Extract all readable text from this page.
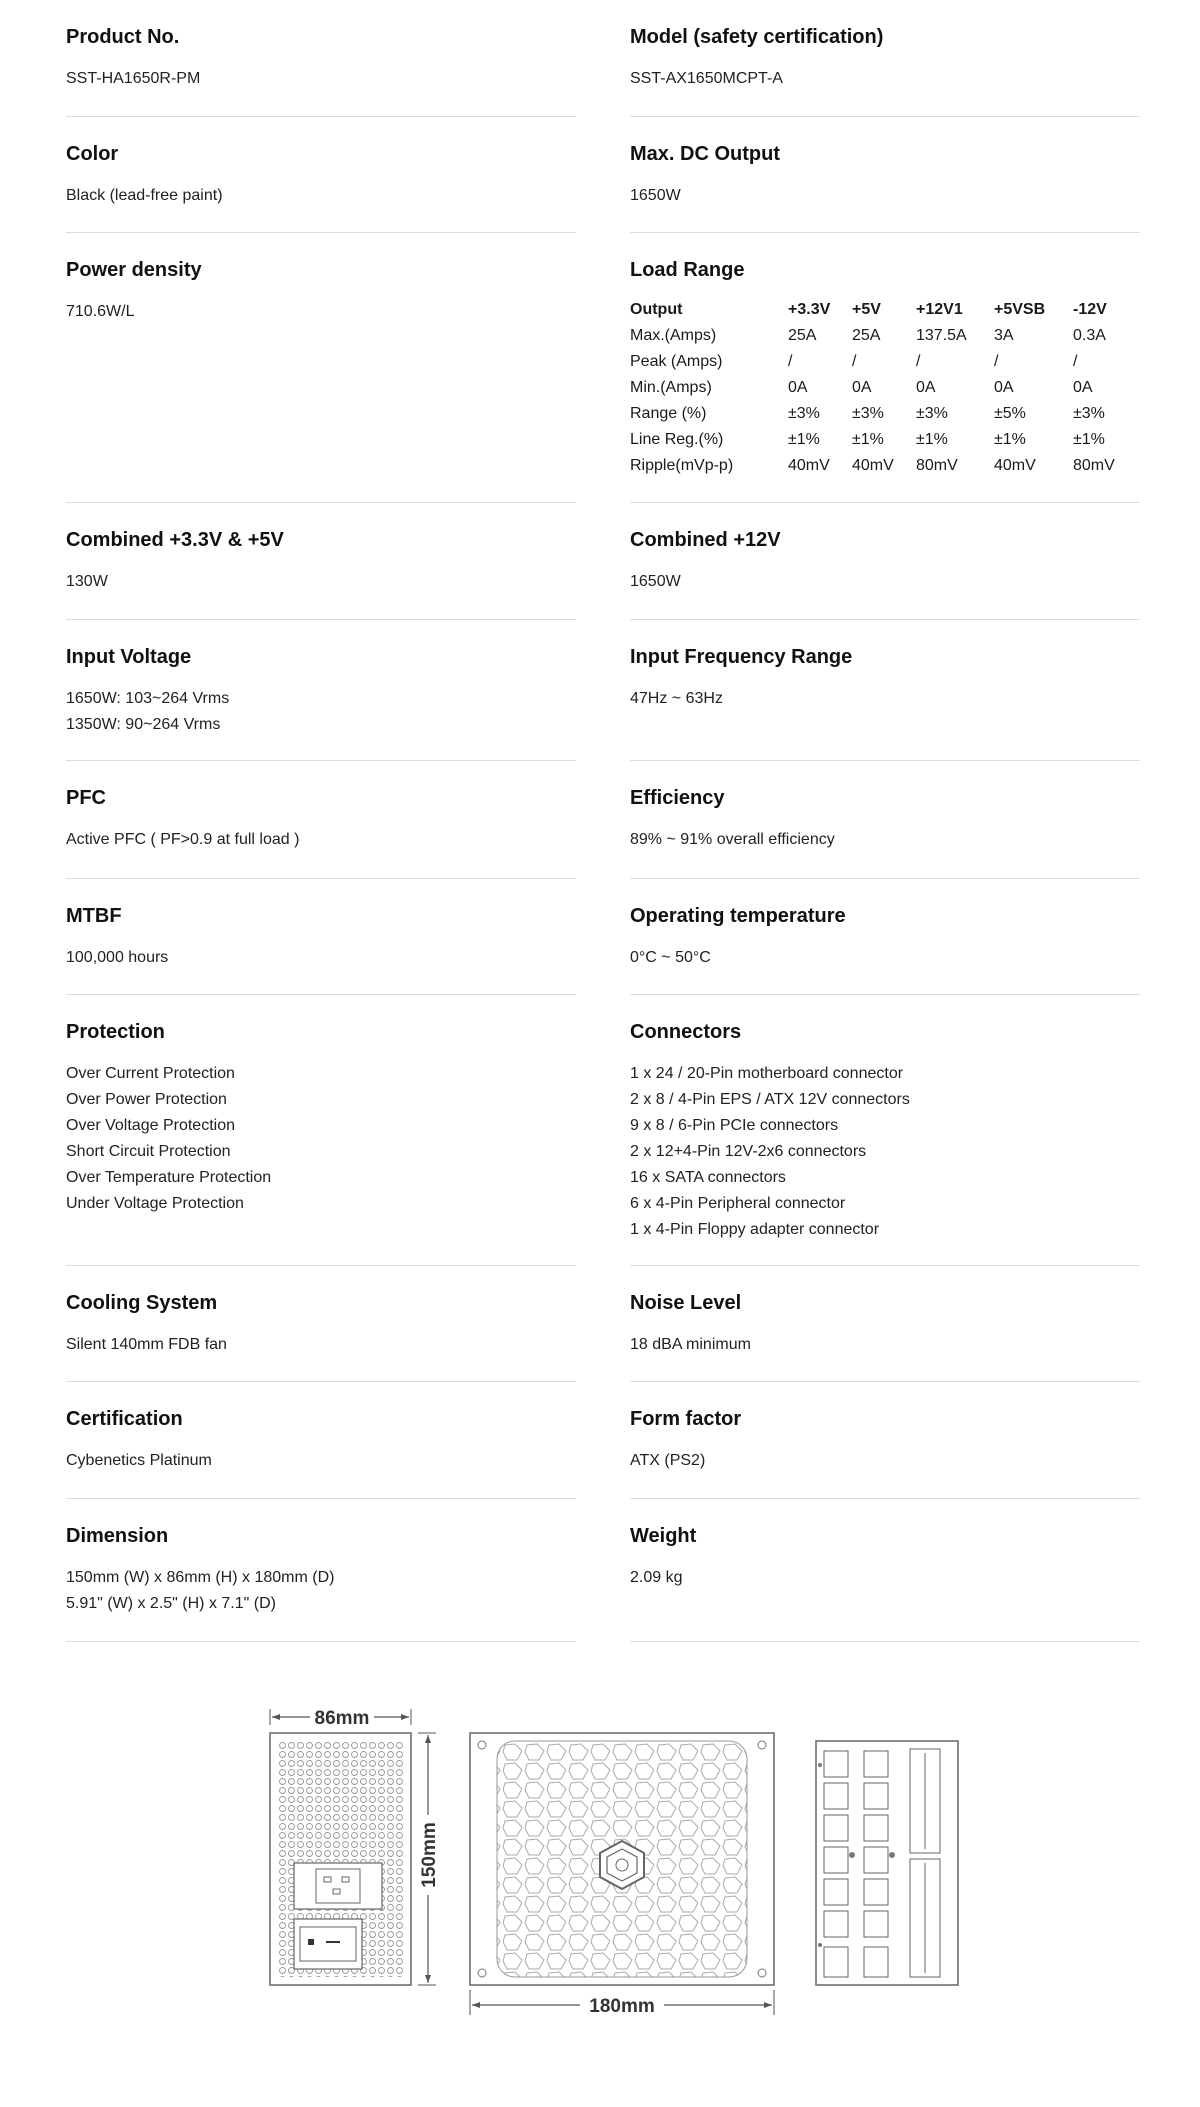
Product No.
SST-HA1650R-PM
Model (safety certification)
SST-AX1650MCPT-A
Color
Black (lead-free paint)
Max. DC Output
1650W
Power density
710.6W/L
Load Range
Output	+3.3V	+5V	+12V1	+5VSB	-12V
Max.(Amps)	25A	25A	137.5A	3A	0.3A
Peak (Amps)	/	/	/	/	/
Min.(Amps)	0A	0A	0A	0A	0A
Range (%)	±3%	±3%	±3%	±5%	±3%
Line Reg.(%)	±1%	±1%	±1%	±1%	±1%
Ripple(mVp-p)	40mV	40mV	80mV	40mV	80mV
Combined +3.3V & +5V
130W
Combined +12V
1650W
Input Voltage
1650W: 103~264 Vrms
1350W: 90~264 Vrms
Input Frequency Range
47Hz ~ 63Hz
PFC
Active PFC ( PF>0.9 at full load )
Efficiency
89% ~ 91% overall efficiency
MTBF
100,000 hours
Operating temperature
0°C ~ 50°C
Protection
Over Current Protection
Over Power Protection
Over Voltage Protection
Short Circuit Protection
Over Temperature Protection
Under Voltage Protection
Connectors
1 x 24 / 20-Pin motherboard connector
2 x 8 / 4-Pin EPS / ATX 12V connectors
9 x 8 / 6-Pin PCIe connectors
2 x 12+4-Pin 12V-2x6 connectors
16 x SATA connectors
6 x 4-Pin Peripheral connector
1 x 4-Pin Floppy adapter connector
Cooling System
Silent 140mm FDB fan
Noise Level
18 dBA minimum
Certification
Cybenetics Platinum
Form factor
ATX (PS2)
Dimension
150mm (W) x 86mm (H) x 180mm (D)
5.91" (W) x 2.5" (H) x 7.1" (D)
Weight
2.09 kg
86mm
150mm
180mm
